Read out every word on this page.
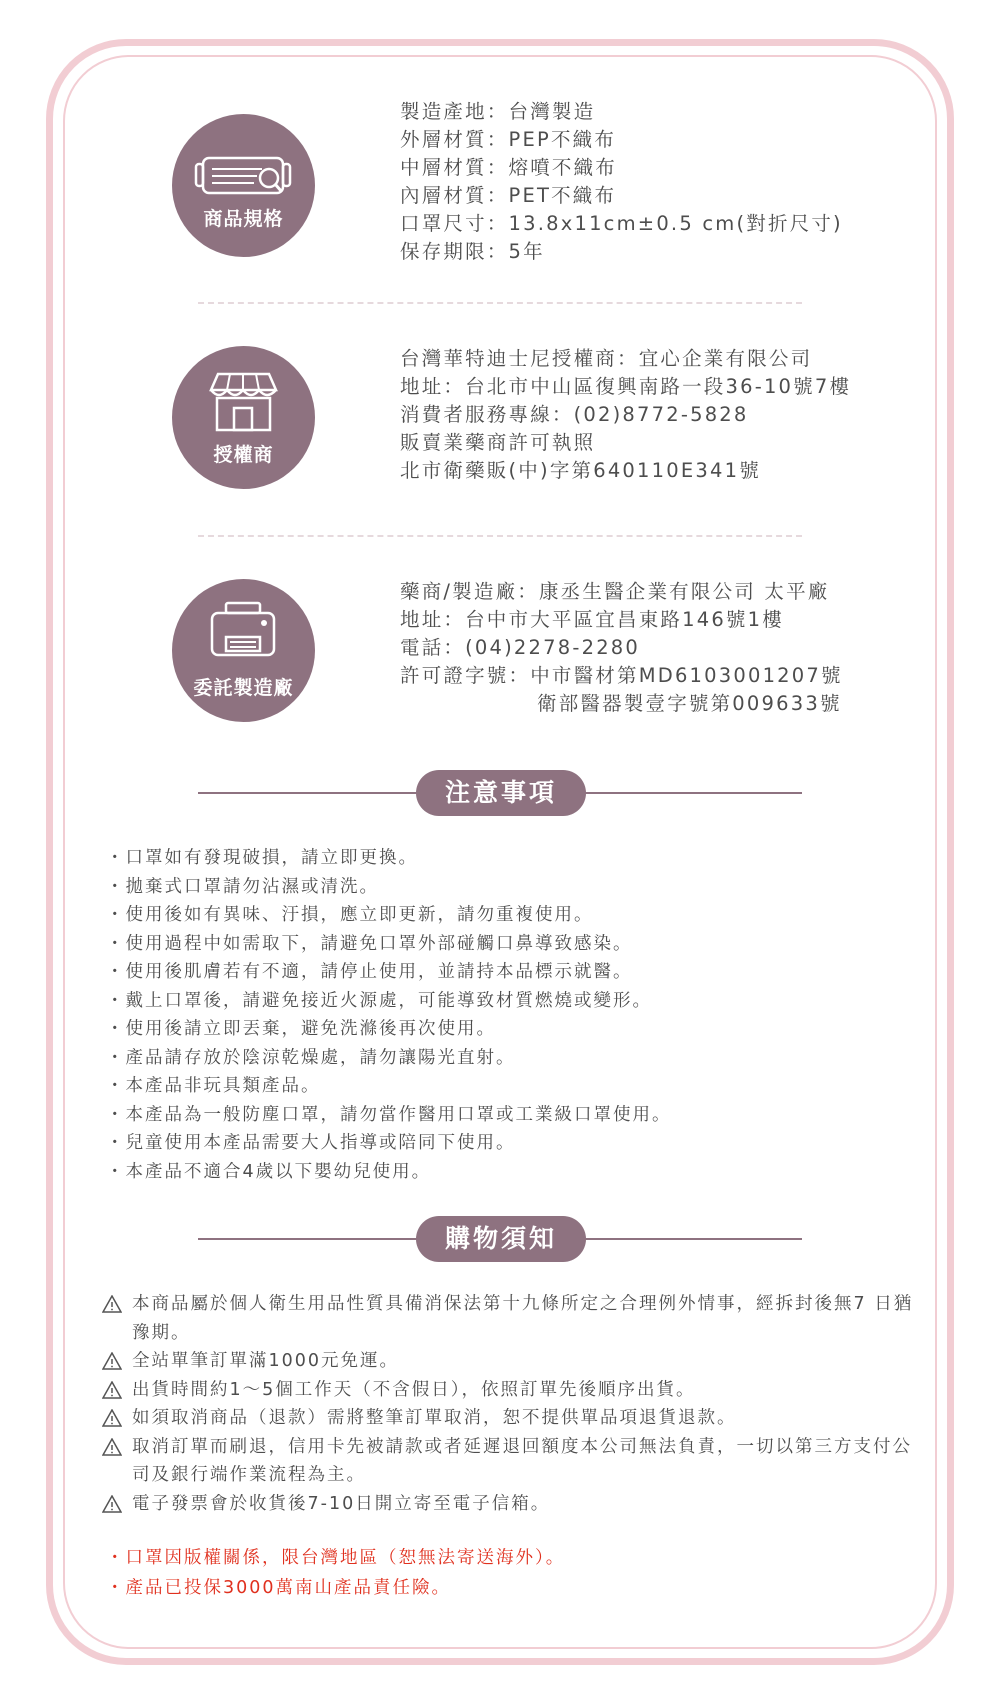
商品規格
製造產地：台灣製造
外層材質：PEP不織布
中層材質：熔噴不織布
內層材質：PET不織布
口罩尺寸：13.8x11cm±0.5 cm(對折尺寸)
保存期限：5年
授權商
台灣華特迪士尼授權商：宜心企業有限公司
地址：台北市中山區復興南路一段36-10號7樓
消費者服務專線：(02)8772-5828
販賣業藥商許可執照
北市衛藥販(中)字第640110E341號
委託製造廠
藥商/製造廠：康丞生醫企業有限公司 太平廠
地址：台中市大平區宜昌東路146號1樓
電話：(04)2278-2280
許可證字號：中市醫材第MD6103001207號
衛部醫器製壹字號第009633號
注意事項
・口罩如有發現破損，請立即更換。
・拋棄式口罩請勿沾濕或清洗。
・使用後如有異味、汙損，應立即更新，請勿重複使用。
・使用過程中如需取下，請避免口罩外部碰觸口鼻導致感染。
・使用後肌膚若有不適，請停止使用，並請持本品標示就醫。
・戴上口罩後，請避免接近火源處，可能導致材質燃燒或變形。
・使用後請立即丟棄，避免洗滌後再次使用。
・產品請存放於陰涼乾燥處，請勿讓陽光直射。
・本產品非玩具類產品。
・本產品為一般防塵口罩，請勿當作醫用口罩或工業級口罩使用。
・兒童使用本產品需要大人指導或陪同下使用。
・本產品不適合4歲以下嬰幼兒使用。
購物須知
本商品屬於個人衛生用品性質具備消保法第十九條所定之合理例外情事，經拆封後無7 日猶豫期。
全站單筆訂單滿1000元免運。
出貨時間約1～5個工作天（不含假日），依照訂單先後順序出貨。
如須取消商品（退款）需將整筆訂單取消，恕不提供單品項退貨退款。
取消訂單而刷退，信用卡先被請款或者延遲退回額度本公司無法負責，一切以第三方支付公司及銀行端作業流程為主。
電子發票會於收貨後7-10日開立寄至電子信箱。
・口罩因版權關係，限台灣地區（恕無法寄送海外）。
・產品已投保3000萬南山產品責任險。
